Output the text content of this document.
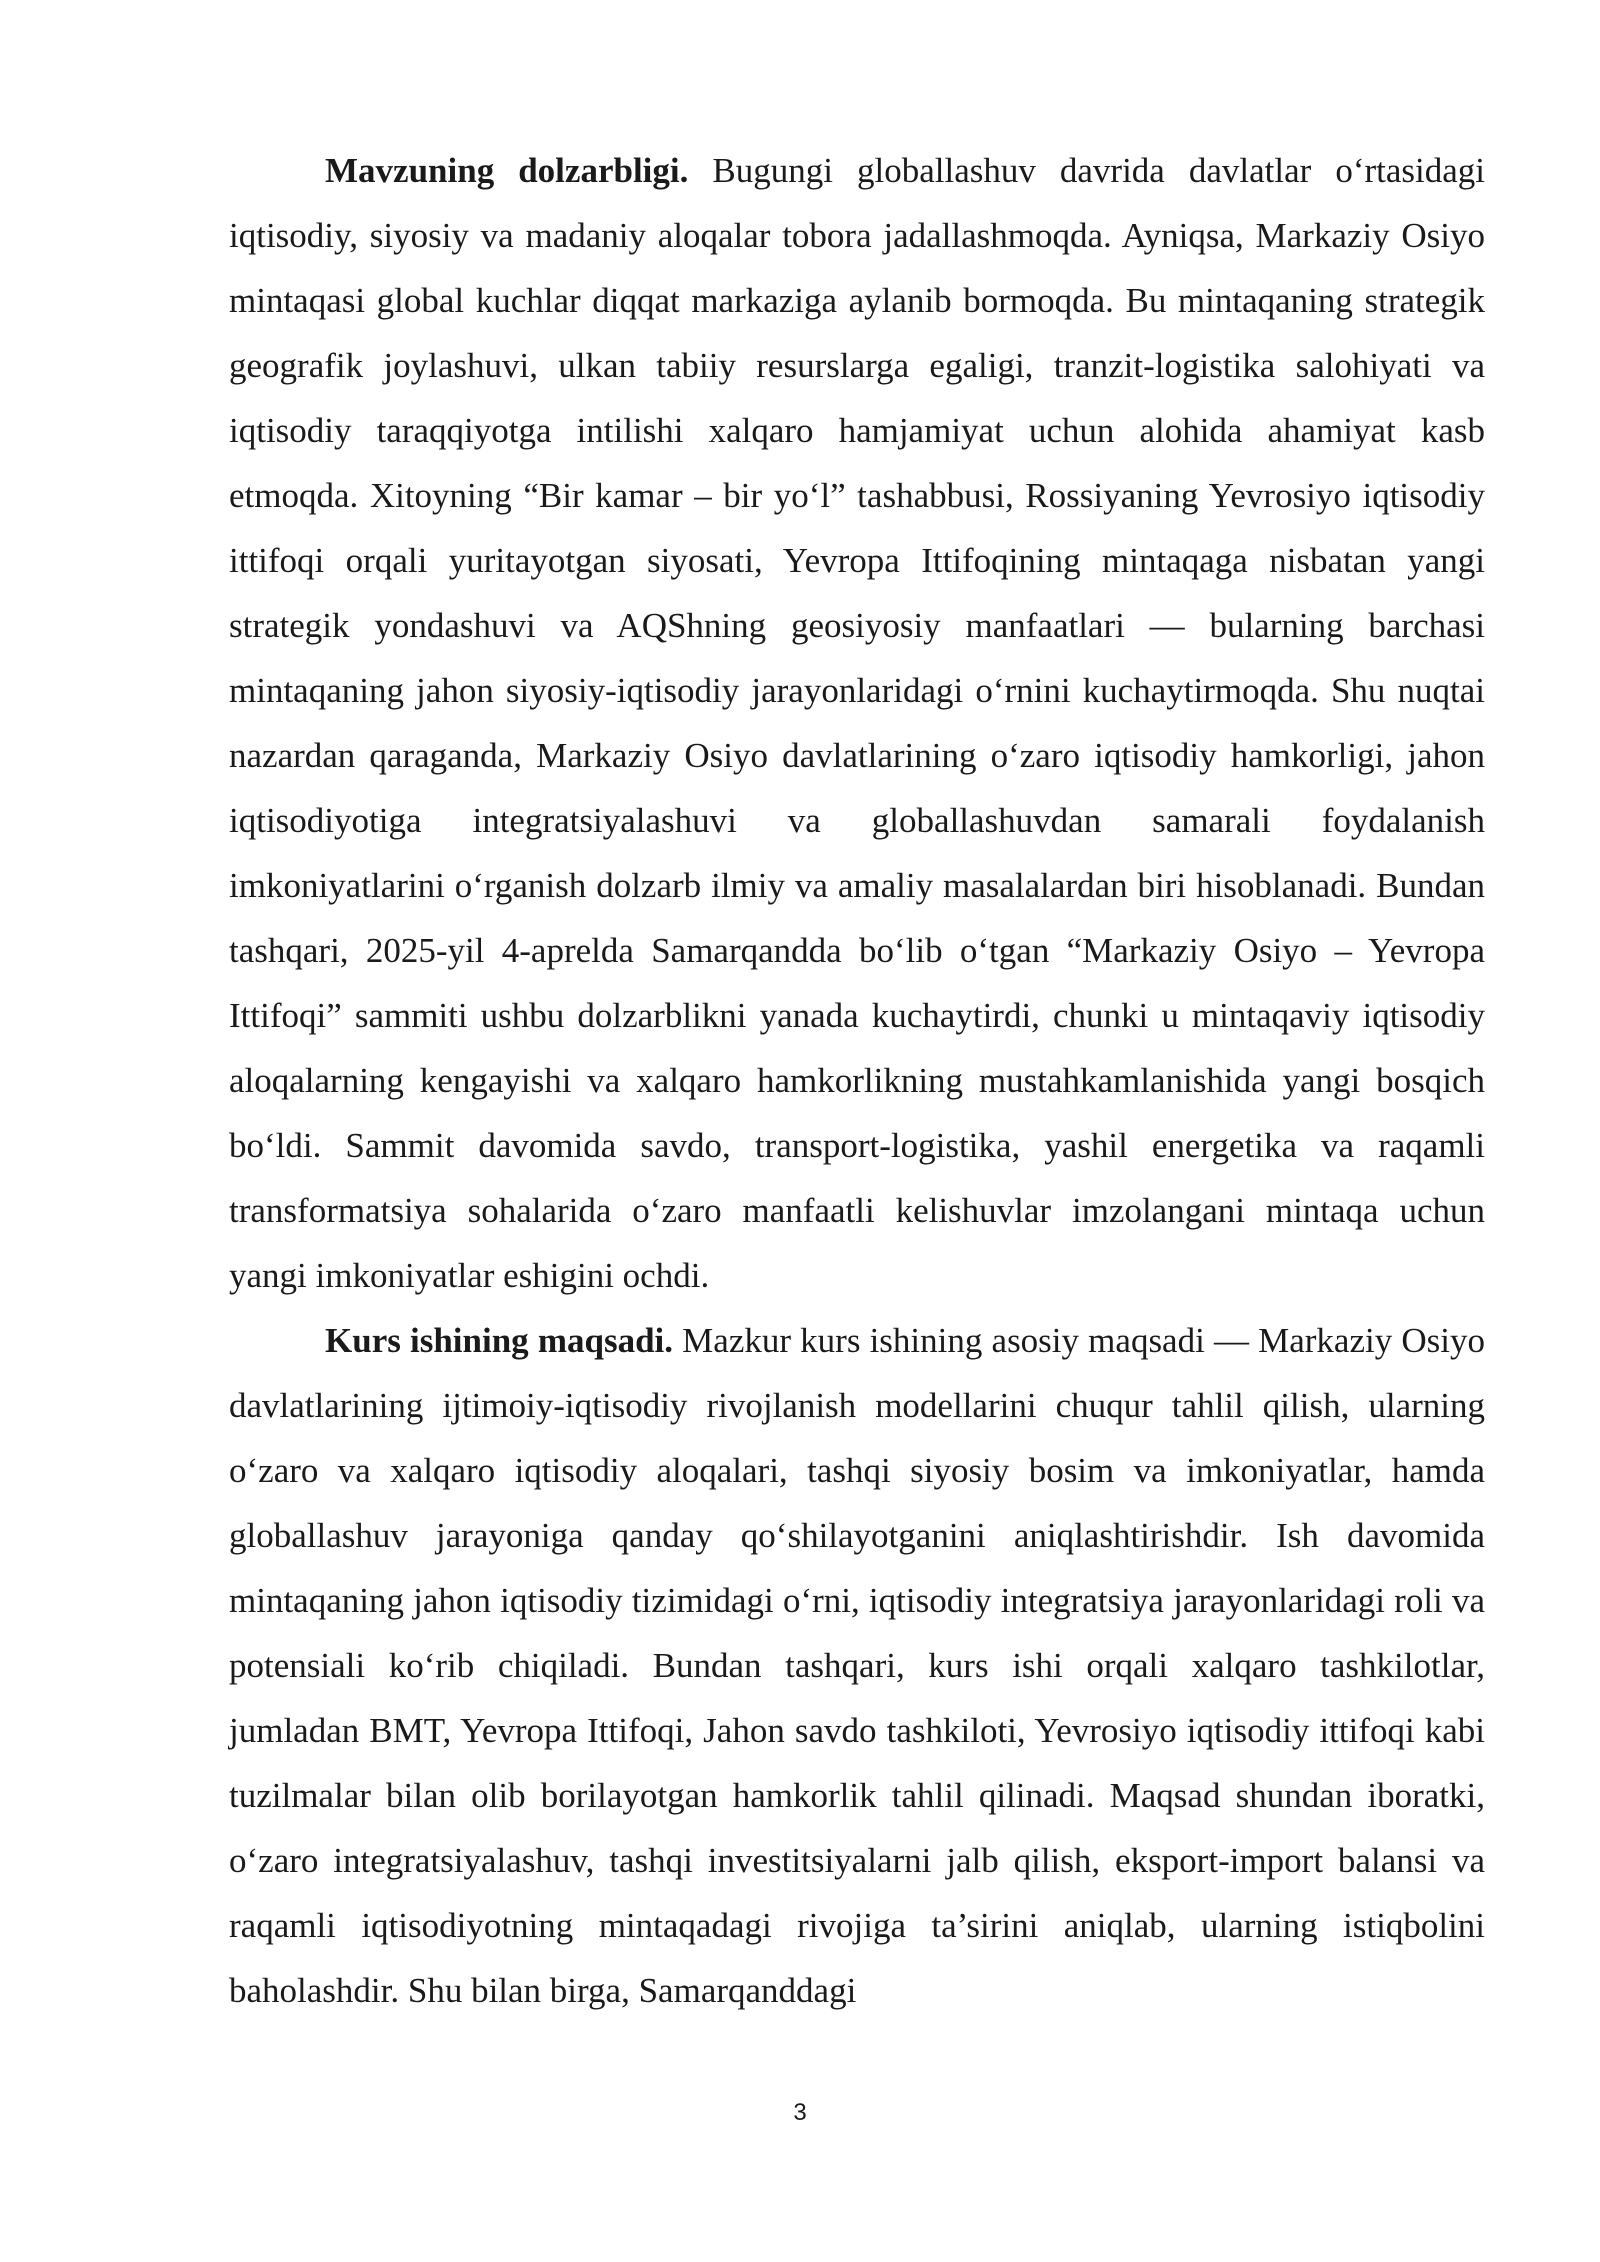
Mavzuning dolzarbligi. Bugungi globallashuv davrida davlatlar o‘rtasidagi iqtisodiy, siyosiy va madaniy aloqalar tobora jadallashmoqda. Ayniqsa, Markaziy Osiyo mintaqasi global kuchlar diqqat markaziga aylanib bormoqda. Bu mintaqaning strategik geografik joylashuvi, ulkan tabiiy resurslarga egaligi, tranzit-logistika salohiyati va iqtisodiy taraqqiyotga intilishi xalqaro hamjamiyat uchun alohida ahamiyat kasb etmoqda. Xitoyning “Bir kamar – bir yo‘l” tashabbusi, Rossiyaning Yevrosiyo iqtisodiy ittifoqi orqali yuritayotgan siyosati, Yevropa Ittifoqining mintaqaga nisbatan yangi strategik yondashuvi va AQShning geosiyosiy manfaatlari — bularning barchasi mintaqaning jahon siyosiy-iqtisodiy jarayonlaridagi o‘rnini kuchaytirmoqda. Shu nuqtai nazardan qaraganda, Markaziy Osiyo davlatlarining o‘zaro iqtisodiy hamkorligi, jahon iqtisodiyotiga integratsiyalashuvi va globallashuvdan samarali foydalanish imkoniyatlarini o‘rganish dolzarb ilmiy va amaliy masalalardan biri hisoblanadi. Bundan tashqari, 2025-yil 4-aprelda Samarqandda bo‘lib o‘tgan “Markaziy Osiyo – Yevropa Ittifoqi” sammiti ushbu dolzarblikni yanada kuchaytirdi, chunki u mintaqaviy iqtisodiy aloqalarning kengayishi va xalqaro hamkorlikning mustahkamlanishida yangi bosqich bo‘ldi. Sammit davomida savdo, transport-logistika, yashil energetika va raqamli transformatsiya sohalarida o‘zaro manfaatli kelishuvlar imzolangani mintaqa uchun yangi imkoniyatlar eshigini ochdi.

Kurs ishining maqsadi. Mazkur kurs ishining asosiy maqsadi — Markaziy Osiyo davlatlarining ijtimoiy-iqtisodiy rivojlanish modellarini chuqur tahlil qilish, ularning o‘zaro va xalqaro iqtisodiy aloqalari, tashqi siyosiy bosim va imkoniyatlar, hamda globallashuv jarayoniga qanday qo‘shilayotganini aniqlashtirishdir. Ish davomida mintaqaning jahon iqtisodiy tizimidagi o‘rni, iqtisodiy integratsiya jarayonlaridagi roli va potensiali ko‘rib chiqiladi. Bundan tashqari, kurs ishi orqali xalqaro tashkilotlar, jumladan BMT, Yevropa Ittifoqi, Jahon savdo tashkiloti, Yevrosiyo iqtisodiy ittifoqi kabi tuzilmalar bilan olib borilayotgan hamkorlik tahlil qilinadi. Maqsad shundan iboratki, o‘zaro integratsiyalashuv, tashqi investitsiyalarni jalb qilish, eksport-import balansi va raqamli iqtisodiyotning mintaqadagi rivojiga ta’sirini aniqlab, ularning istiqbolini baholashdir. Shu bilan birga, Samarqanddagi

3
